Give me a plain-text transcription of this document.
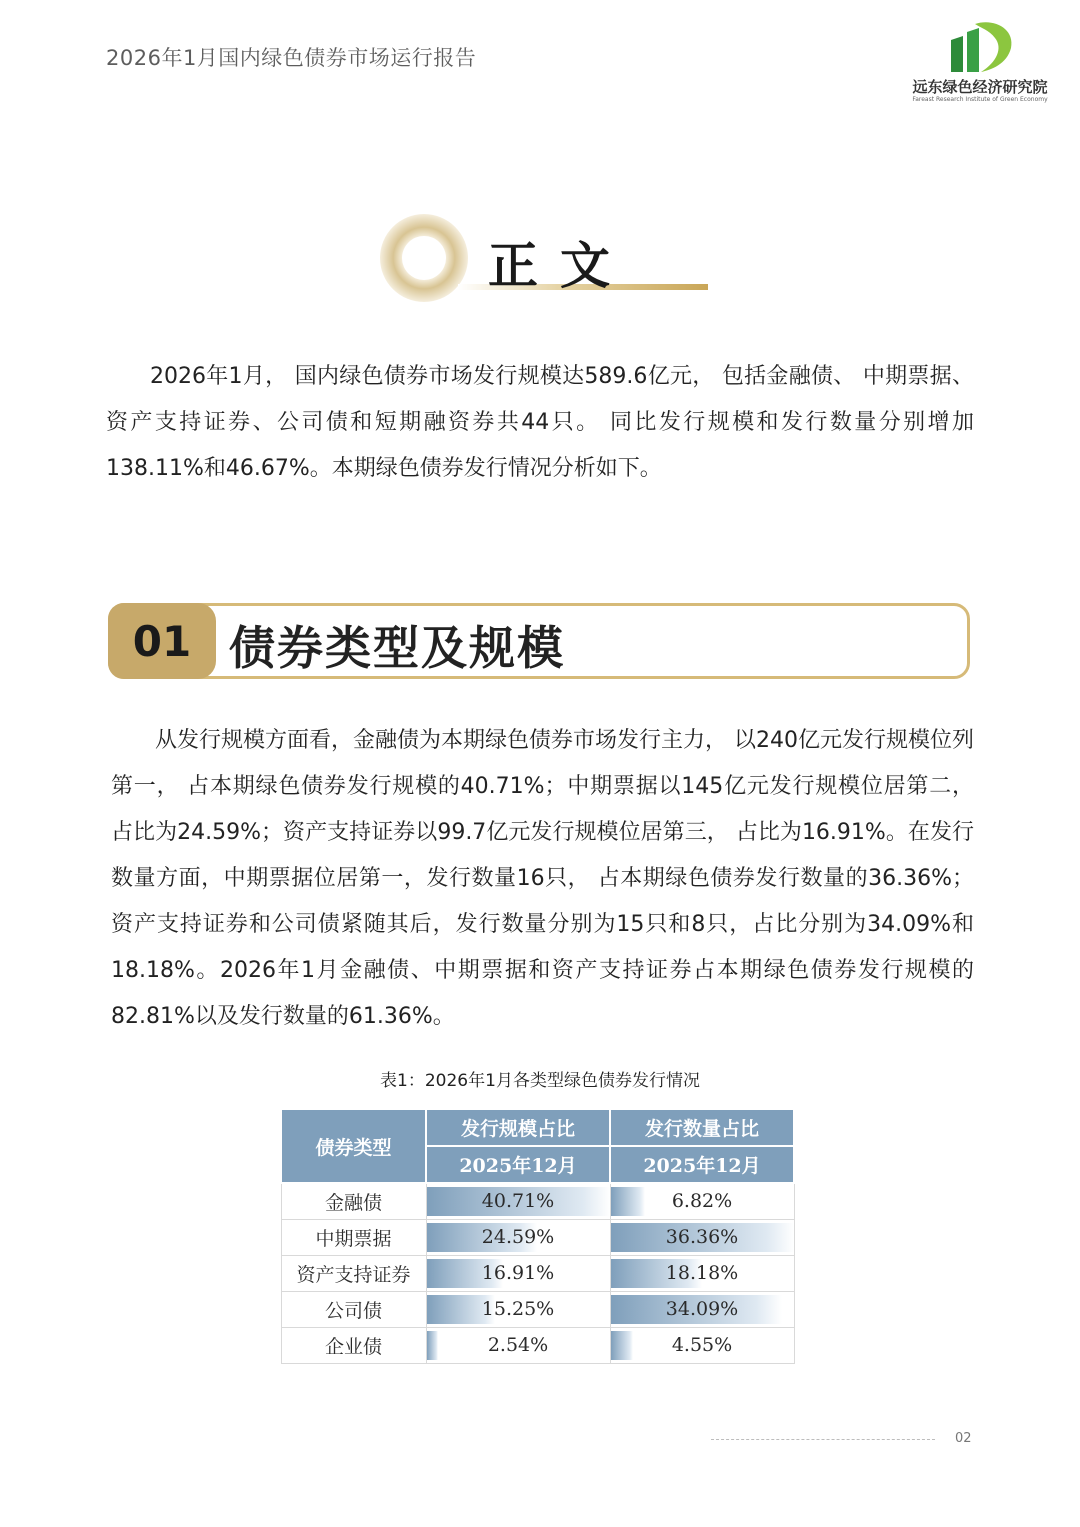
2026年1月国内绿色债券市场运行报告
远东绿色经济研究院
Fareast Research Institute of Green Economy
正文

2026年1月， 国内绿色债券市场发行规模达589.6亿元， 包括金融债、 中期票据、 资产支持证券、公司债和短期融资券共44只。 同比发行规模和发行数量分别增加138.11%和46.67%。本期绿色债券发行情况分析如下。

01 债券类型及规模

从发行规模方面看，金融债为本期绿色债券市场发行主力， 以240亿元发行规模位列第一， 占本期绿色债券发行规模的40.71%；中期票据以145亿元发行规模位居第二， 占比为24.59%；资产支持证券以99.7亿元发行规模位居第三， 占比为16.91%。在发行数量方面，中期票据位居第一，发行数量16只， 占本期绿色债券发行数量的36.36%；资产支持证券和公司债紧随其后，发行数量分别为15只和8只，占比分别为34.09%和18.18%。2026年1月金融债、中期票据和资产支持证券占本期绿色债券发行规模的82.81%以及发行数量的61.36%。

表1：2026年1月各类型绿色债券发行情况
债券类型	发行规模占比	发行数量占比
	2025年12月	2025年12月
金融债	40.71%	6.82%

中期票据	24.59%	36.36%

资产支持证券	16.91%	18.18%

公司债	15.25%	34.09%

企业债	2.54%	4.55%
02
